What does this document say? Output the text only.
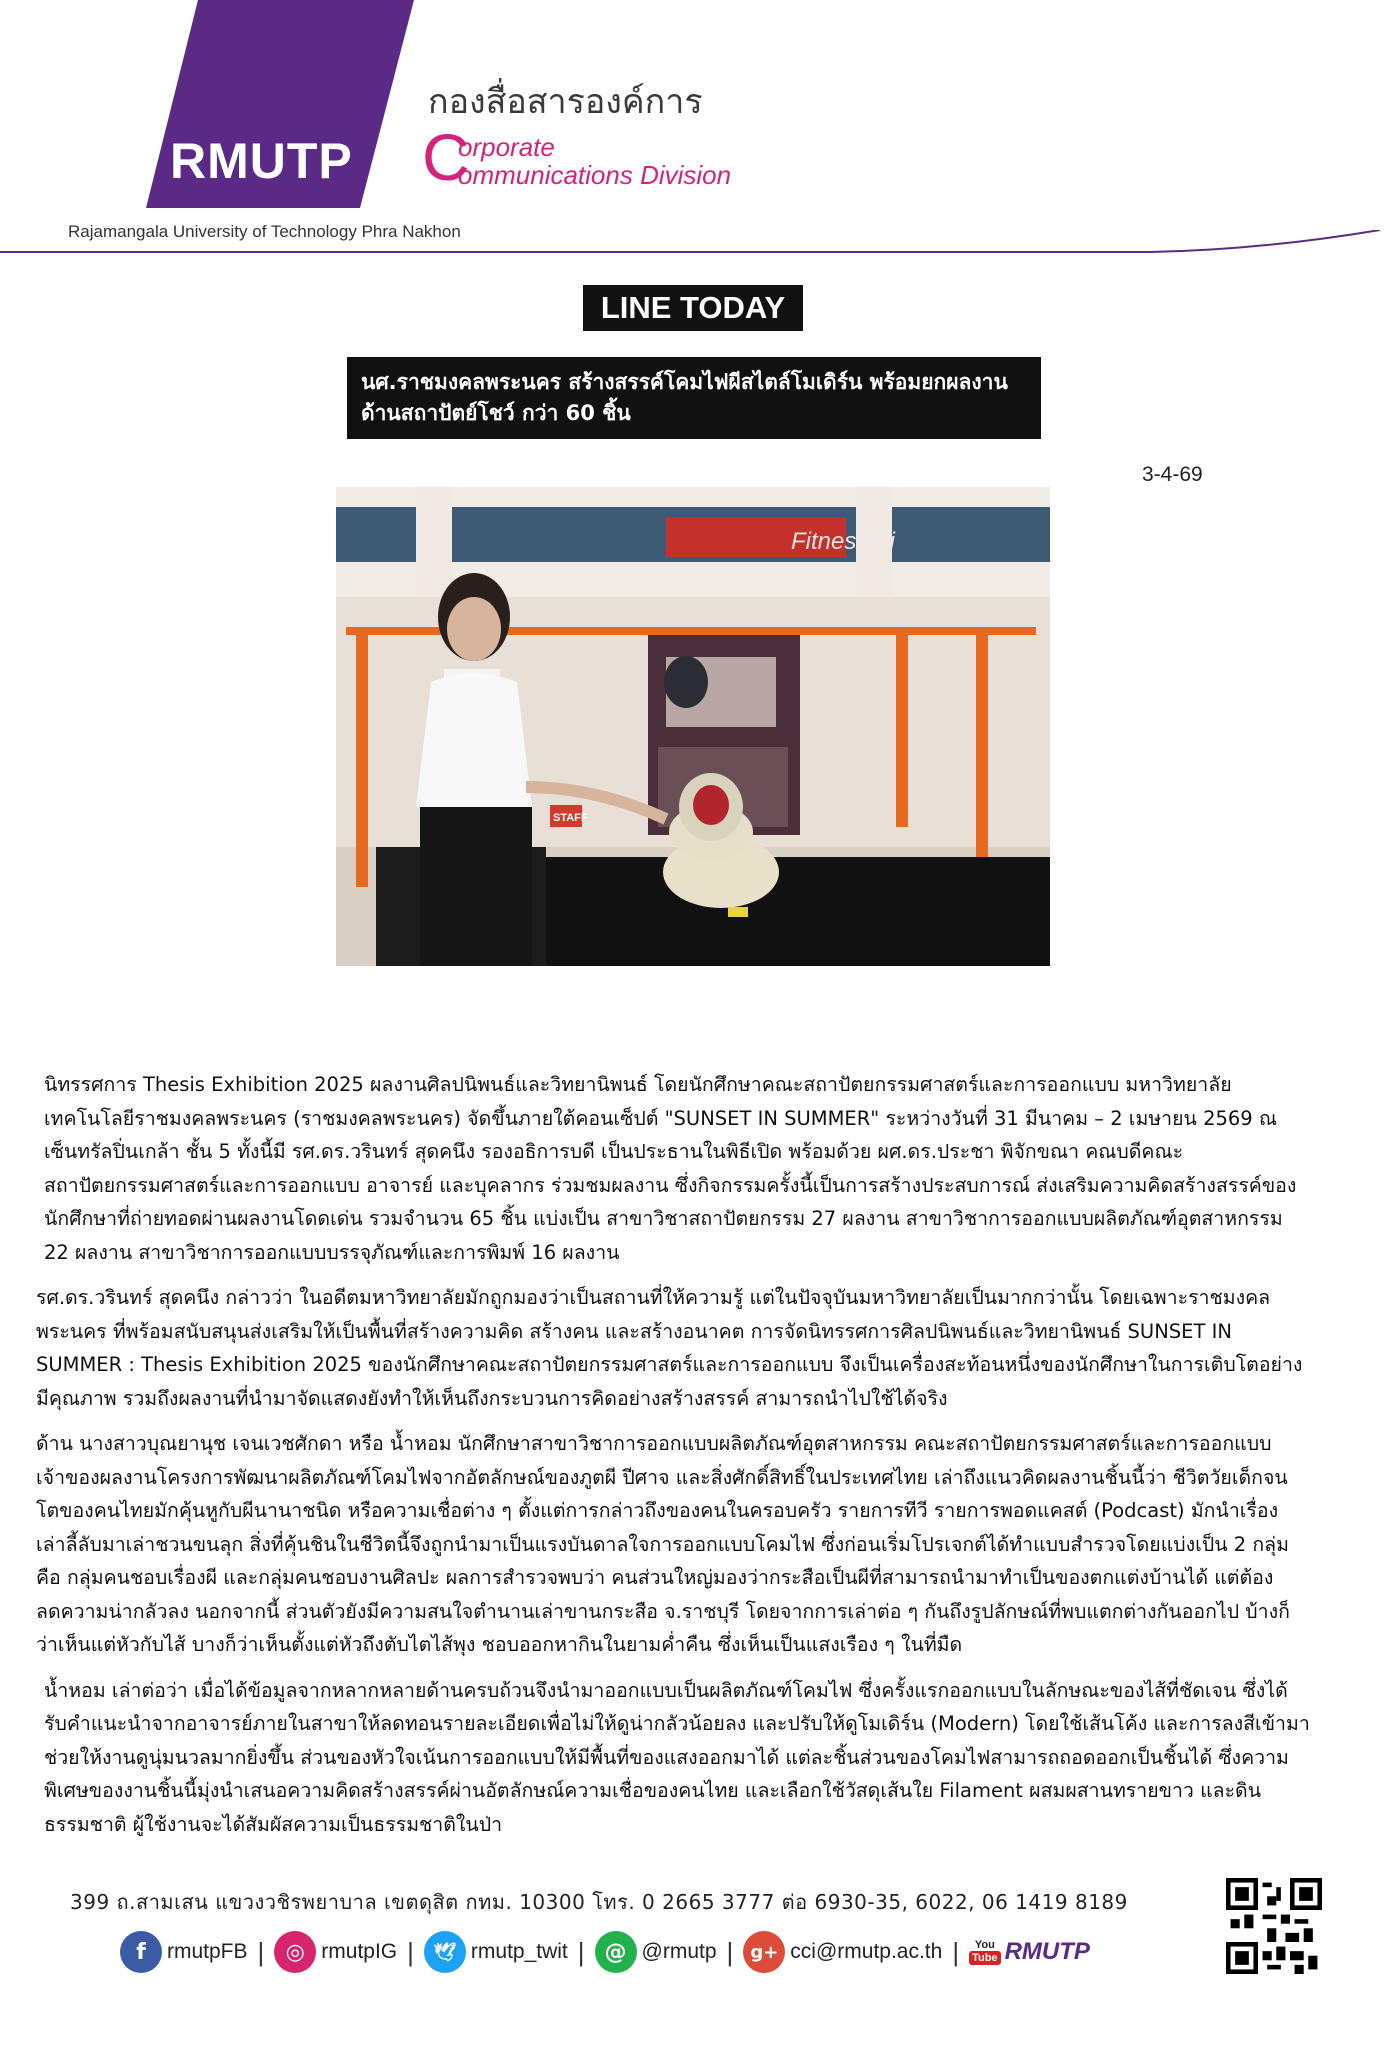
RMUTP
Rajamangala University of Technology Phra Nakhon
กองสื่อสารองค์การ
C
orporate
ommunications Division
LINE TODAY
นศ.ราชมงคลพระนคร สร้างสรรค์โคมไฟผีสไตล์โมเดิร์น พร้อมยกผลงาน
ด้านสถาปัตย์โชว์ กว่า 60 ชิ้น
3-4-69
Fitness Fi
STAFF

นิทรรศการ Thesis Exhibition 2025 ผลงานศิลปนิพนธ์และวิทยานิพนธ์ โดยนักศึกษาคณะสถาปัตยกรรมศาสตร์และการออกแบบ มหาวิทยาลัย
เทคโนโลยีราชมงคลพระนคร (ราชมงคลพระนคร) จัดขึ้นภายใต้คอนเซ็ปต์ "SUNSET IN SUMMER" ระหว่างวันที่ 31 มีนาคม – 2 เมษายน 2569 ณ
เซ็นทรัลปิ่นเกล้า ชั้น 5 ทั้งนี้มี รศ.ดร.วรินทร์ สุดคนึง รองอธิการบดี เป็นประธานในพิธีเปิด พร้อมด้วย ผศ.ดร.ประชา พิจักขณา คณบดีคณะ
สถาปัตยกรรมศาสตร์และการออกแบบ อาจารย์ และบุคลากร ร่วมชมผลงาน ซึ่งกิจกรรมครั้งนี้เป็นการสร้างประสบการณ์ ส่งเสริมความคิดสร้างสรรค์ของ
นักศึกษาที่ถ่ายทอดผ่านผลงานโดดเด่น รวมจำนวน 65 ชิ้น แบ่งเป็น สาขาวิชาสถาปัตยกรรม 27 ผลงาน สาขาวิชาการออกแบบผลิตภัณฑ์อุตสาหกรรม
22 ผลงาน สาขาวิชาการออกแบบบรรจุภัณฑ์และการพิมพ์ 16 ผลงาน

รศ.ดร.วรินทร์ สุดคนึง กล่าวว่า ในอดีตมหาวิทยาลัยมักถูกมองว่าเป็นสถานที่ให้ความรู้ แต่ในปัจจุบันมหาวิทยาลัยเป็นมากกว่านั้น โดยเฉพาะราชมงคล
พระนคร ที่พร้อมสนับสนุนส่งเสริมให้เป็นพื้นที่สร้างความคิด สร้างคน และสร้างอนาคต การจัดนิทรรศการศิลปนิพนธ์และวิทยานิพนธ์ SUNSET IN
SUMMER : Thesis Exhibition 2025 ของนักศึกษาคณะสถาปัตยกรรมศาสตร์และการออกแบบ จึงเป็นเครื่องสะท้อนหนึ่งของนักศึกษาในการเติบโตอย่าง
มีคุณภาพ รวมถึงผลงานที่นำมาจัดแสดงยังทำให้เห็นถึงกระบวนการคิดอย่างสร้างสรรค์ สามารถนำไปใช้ได้จริง

ด้าน นางสาวบุณยานุช เจนเวชศักดา หรือ น้ำหอม นักศึกษาสาขาวิชาการออกแบบผลิตภัณฑ์อุตสาหกรรม คณะสถาปัตยกรรมศาสตร์และการออกแบบ
เจ้าของผลงานโครงการพัฒนาผลิตภัณฑ์โคมไฟจากอัตลักษณ์ของภูตผี ปีศาจ และสิ่งศักดิ์สิทธิ์ในประเทศไทย เล่าถึงแนวคิดผลงานชิ้นนี้ว่า ชีวิตวัยเด็กจน
โตของคนไทยมักคุ้นหูกับผีนานาชนิด หรือความเชื่อต่าง ๆ ตั้งแต่การกล่าวถึงของคนในครอบครัว รายการทีวี รายการพอดแคสต์ (Podcast) มักนำเรื่อง
เล่าลี้ลับมาเล่าชวนขนลุก สิ่งที่คุ้นชินในชีวิตนี้จึงถูกนำมาเป็นแรงบันดาลใจการออกแบบโคมไฟ ซึ่งก่อนเริ่มโปรเจกต์ได้ทำแบบสำรวจโดยแบ่งเป็น 2 กลุ่ม
คือ กลุ่มคนชอบเรื่องผี และกลุ่มคนชอบงานศิลปะ ผลการสำรวจพบว่า คนส่วนใหญ่มองว่ากระสือเป็นผีที่สามารถนำมาทำเป็นของตกแต่งบ้านได้ แต่ต้อง
ลดความน่ากลัวลง นอกจากนี้ ส่วนตัวยังมีความสนใจตำนานเล่าขานกระสือ จ.ราชบุรี โดยจากการเล่าต่อ ๆ กันถึงรูปลักษณ์ที่พบแตกต่างกันออกไป บ้างก็
ว่าเห็นแต่หัวกับไส้ บางก็ว่าเห็นตั้งแต่หัวถึงตับไตไส้พุง ชอบออกหากินในยามค่ำคืน ซึ่งเห็นเป็นแสงเรือง ๆ ในที่มืด

น้ำหอม เล่าต่อว่า เมื่อได้ข้อมูลจากหลากหลายด้านครบถ้วนจึงนำมาออกแบบเป็นผลิตภัณฑ์โคมไฟ ซึ่งครั้งแรกออกแบบในลักษณะของไส้ที่ชัดเจน ซึ่งได้
รับคำแนะนำจากอาจารย์ภายในสาขาให้ลดทอนรายละเอียดเพื่อไม่ให้ดูน่ากลัวน้อยลง และปรับให้ดูโมเดิร์น (Modern) โดยใช้เส้นโค้ง และการลงสีเข้ามา
ช่วยให้งานดูนุ่มนวลมากยิ่งขึ้น ส่วนของหัวใจเน้นการออกแบบให้มีพื้นที่ของแสงออกมาได้ แต่ละชิ้นส่วนของโคมไฟสามารถถอดออกเป็นชิ้นได้ ซึ่งความ
พิเศษของงานชิ้นนี้มุ่งนำเสนอความคิดสร้างสรรค์ผ่านอัตลักษณ์ความเชื่อของคนไทย และเลือกใช้วัสดุเส้นใย Filament ผสมผสานทรายขาว และดิน
ธรรมชาติ ผู้ใช้งานจะได้สัมผัสความเป็นธรรมชาติในป่า

399 ถ.สามเสน แขวงวชิรพยาบาล เขตดุสิต กทม. 10300 โทร. 0 2665 3777 ต่อ 6930-35, 6022, 06 1419 8189
f	rmutpFB | ◎ rmutpIG |	🕊 rmutp_twit | @ @rmutp | g+ cci@rmutp.ac.th | You
Tube RMUTP
